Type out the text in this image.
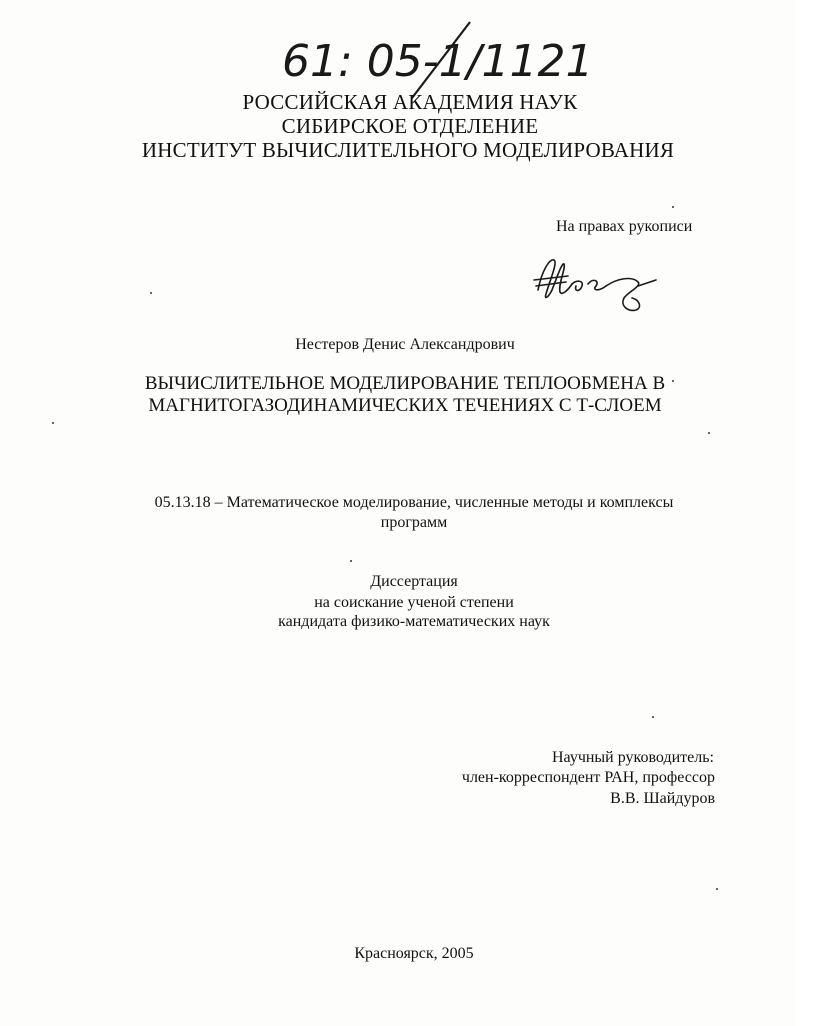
61: 05-1/1121
РОССИЙСКАЯ АКАДЕМИЯ НАУК
СИБИРСКОЕ ОТДЕЛЕНИЕ
ИНСТИТУТ ВЫЧИСЛИТЕЛЬНОГО МОДЕЛИРОВАНИЯ
На правах рукописи
Нестеров Денис Александрович
ВЫЧИСЛИТЕЛЬНОЕ МОДЕЛИРОВАНИЕ ТЕПЛООБМЕНА В
МАГНИТОГАЗОДИНАМИЧЕСКИХ ТЕЧЕНИЯХ С Т-СЛОЕМ
05.13.18 – Математическое моделирование, численные методы и комплексы
программ
Диссертация
на соискание ученой степени
кандидата физико-математических наук
Научный руководитель:
член-корреспондент РАН, профессор
В.В. Шайдуров
Красноярск, 2005
